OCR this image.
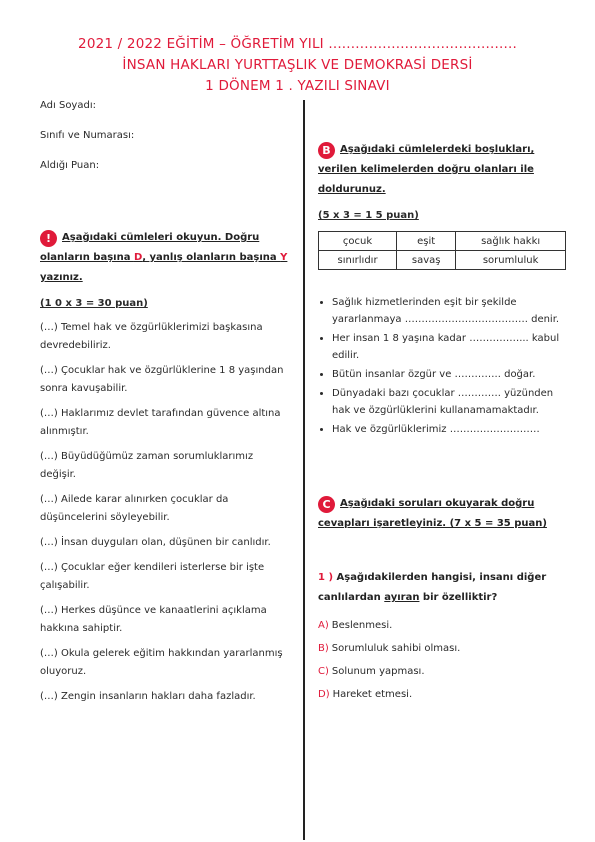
2021 / 2022 EĞİTİM – ÖĞRETİM YILI ..........................................
İNSAN HAKLARI YURTTAŞLIK VE DEMOKRASİ DERSİ
1 DÖNEM 1 . YAZILI SINAVI
Adı Soyadı:
Sınıfı ve Numarası:
Aldığı Puan:
! Aşağıdaki cümleleri okuyun. Doğru olanların başına D, yanlış olanların başına Y yazınız.
(1 0 x 3 = 30 puan)
(…) Temel hak ve özgürlüklerimizi başkasına devredebiliriz.
(…) Çocuklar hak ve özgürlüklerine 1 8 yaşından sonra kavuşabilir.
(…) Haklarımız devlet tarafından güvence altına alınmıştır.
(…) Büyüdüğümüz zaman sorumluklarımız değişir.
(…) Ailede karar alınırken çocuklar da düşüncelerini söyleyebilir.
(…) İnsan duyguları olan, düşünen bir canlıdır.
(…) Çocuklar eğer kendileri isterlerse bir işte çalışabilir.
(…) Herkes düşünce ve kanaatlerini açıklama hakkına sahiptir.
(…) Okula gelerek eğitim hakkından yararlanmış oluyoruz.
(…) Zengin insanların hakları daha fazladır.
B Aşağıdaki cümlelerdeki boşlukları, verilen kelimelerden doğru olanları ile doldurunuz.
(5 x 3 = 1 5 puan)
çocuk	eşit	sağlık hakkı
sınırlıdır	savaş	sorumluluk
• Sağlık hizmetlerinden eşit bir şekilde yararlanmaya ………………………………. denir.
• Her insan 1 8 yaşına kadar ……………... kabul edilir.
• Bütün insanlar özgür ve ………….. doğar.
• Dünyadaki bazı çocuklar …………. yüzünden hak ve özgürlüklerini kullanamamaktadır.
• Hak ve özgürlüklerimiz ………………………
C Aşağıdaki soruları okuyarak doğru cevapları işaretleyiniz. (7 x 5 = 35 puan)
1 ) Aşağıdakilerden hangisi, insanı diğer canlılardan ayıran bir özelliktir?
A) Beslenmesi.
B) Sorumluluk sahibi olması.
C) Solunum yapması.
D) Hareket etmesi.
